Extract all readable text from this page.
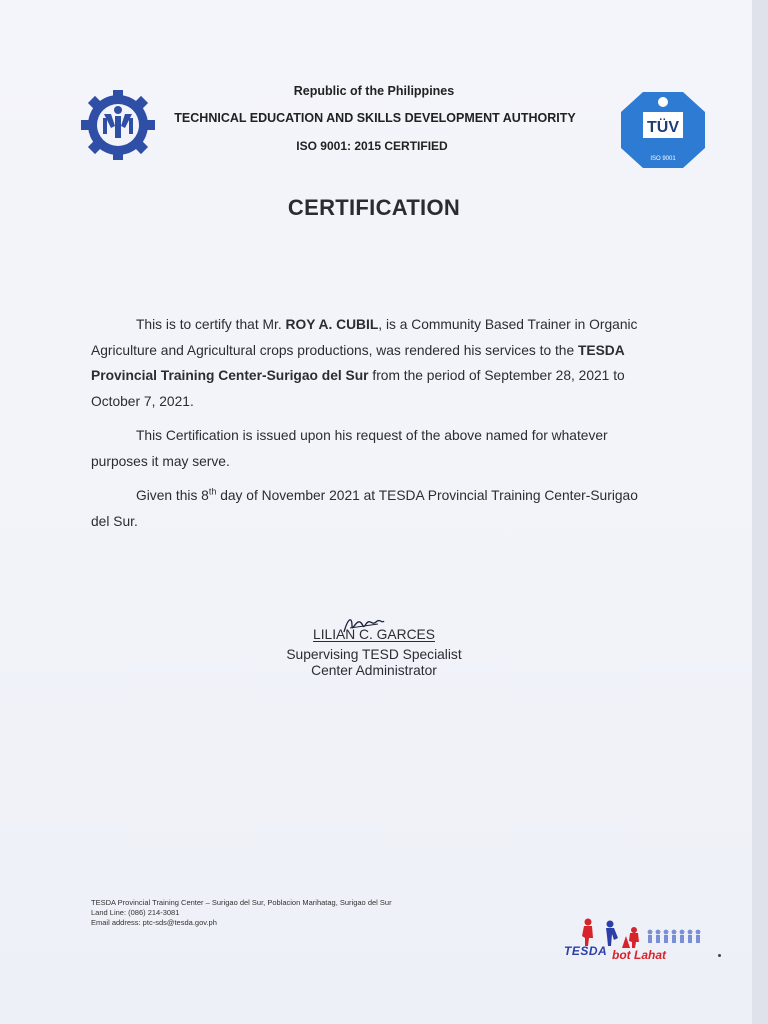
TÜV
ISO 9001
Republic of the Philippines
TECHNICAL EDUCATION AND SKILLS DEVELOPMENT AUTHORITY
ISO 9001: 2015 CERTIFIED
CERTIFICATION
This is to certify that Mr. ROY A. CUBIL, is a Community Based Trainer in Organic Agriculture and Agricultural crops productions, was rendered his services to the TESDA Provincial Training Center-Surigao del Sur from the period of September 28, 2021 to October 7, 2021.
This Certification is issued upon his request of the above named for whatever purposes it may serve.
Given this 8th day of November 2021 at TESDA Provincial Training Center-Surigao del Sur.
LILIAN C. GARCES
Supervising TESD Specialist
Center Administrator
TESDA Provincial Training Center – Surigao del Sur, Poblacion Marihatag, Surigao del Sur
Land Line: (086) 214-3081
Email address: ptc-sds@tesda.gov.ph
TESDA bot Lahat
